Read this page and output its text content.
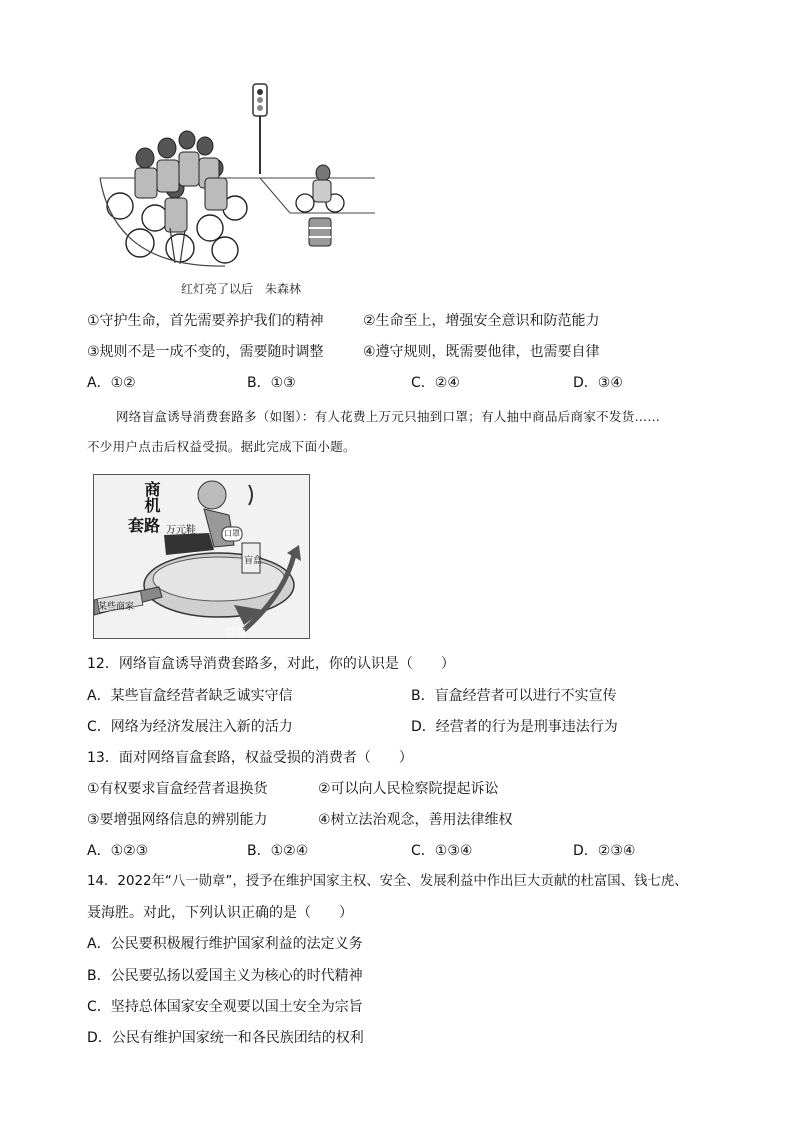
红灯亮了以后　朱森林
①守护生命，首先需要养护我们的精神	②生命至上，增强安全意识和防范能力
③规则不是一成不变的，需要随时调整	④遵守规则，既需要他律，也需要自律
A．①②	B．①③	C．②④	D．③④
网络盲盒诱导消费套路多（如图）：有人花费上万元只抽到口罩；有人抽中商品后商家不发货……
不少用户点击后权益受损。据此完成下面小题。
商机
套路 万元鞋	口罩
盲盒
某些商家
炒作
12．网络盲盒诱导消费套路多，对此，你的认识是（　　）
A．某些盲盒经营者缺乏诚实守信	B．盲盒经营者可以进行不实宣传
C．网络为经济发展注入新的活力	D．经营者的行为是刑事违法行为
13．面对网络盲盒套路，权益受损的消费者（　　）
①有权要求盲盒经营者退换货	②可以向人民检察院提起诉讼
③要增强网络信息的辨别能力	④树立法治观念，善用法律维权
A．①②③	B．①②④	C．①③④	D．②③④
14．2022年“八一勋章”，授予在维护国家主权、安全、发展利益中作出巨大贡献的杜富国、钱七虎、
聂海胜。对此，下列认识正确的是（　　）
A．公民要积极履行维护国家利益的法定义务
B．公民要弘扬以爱国主义为核心的时代精神
C．坚持总体国家安全观要以国土安全为宗旨
D．公民有维护国家统一和各民族团结的权利
